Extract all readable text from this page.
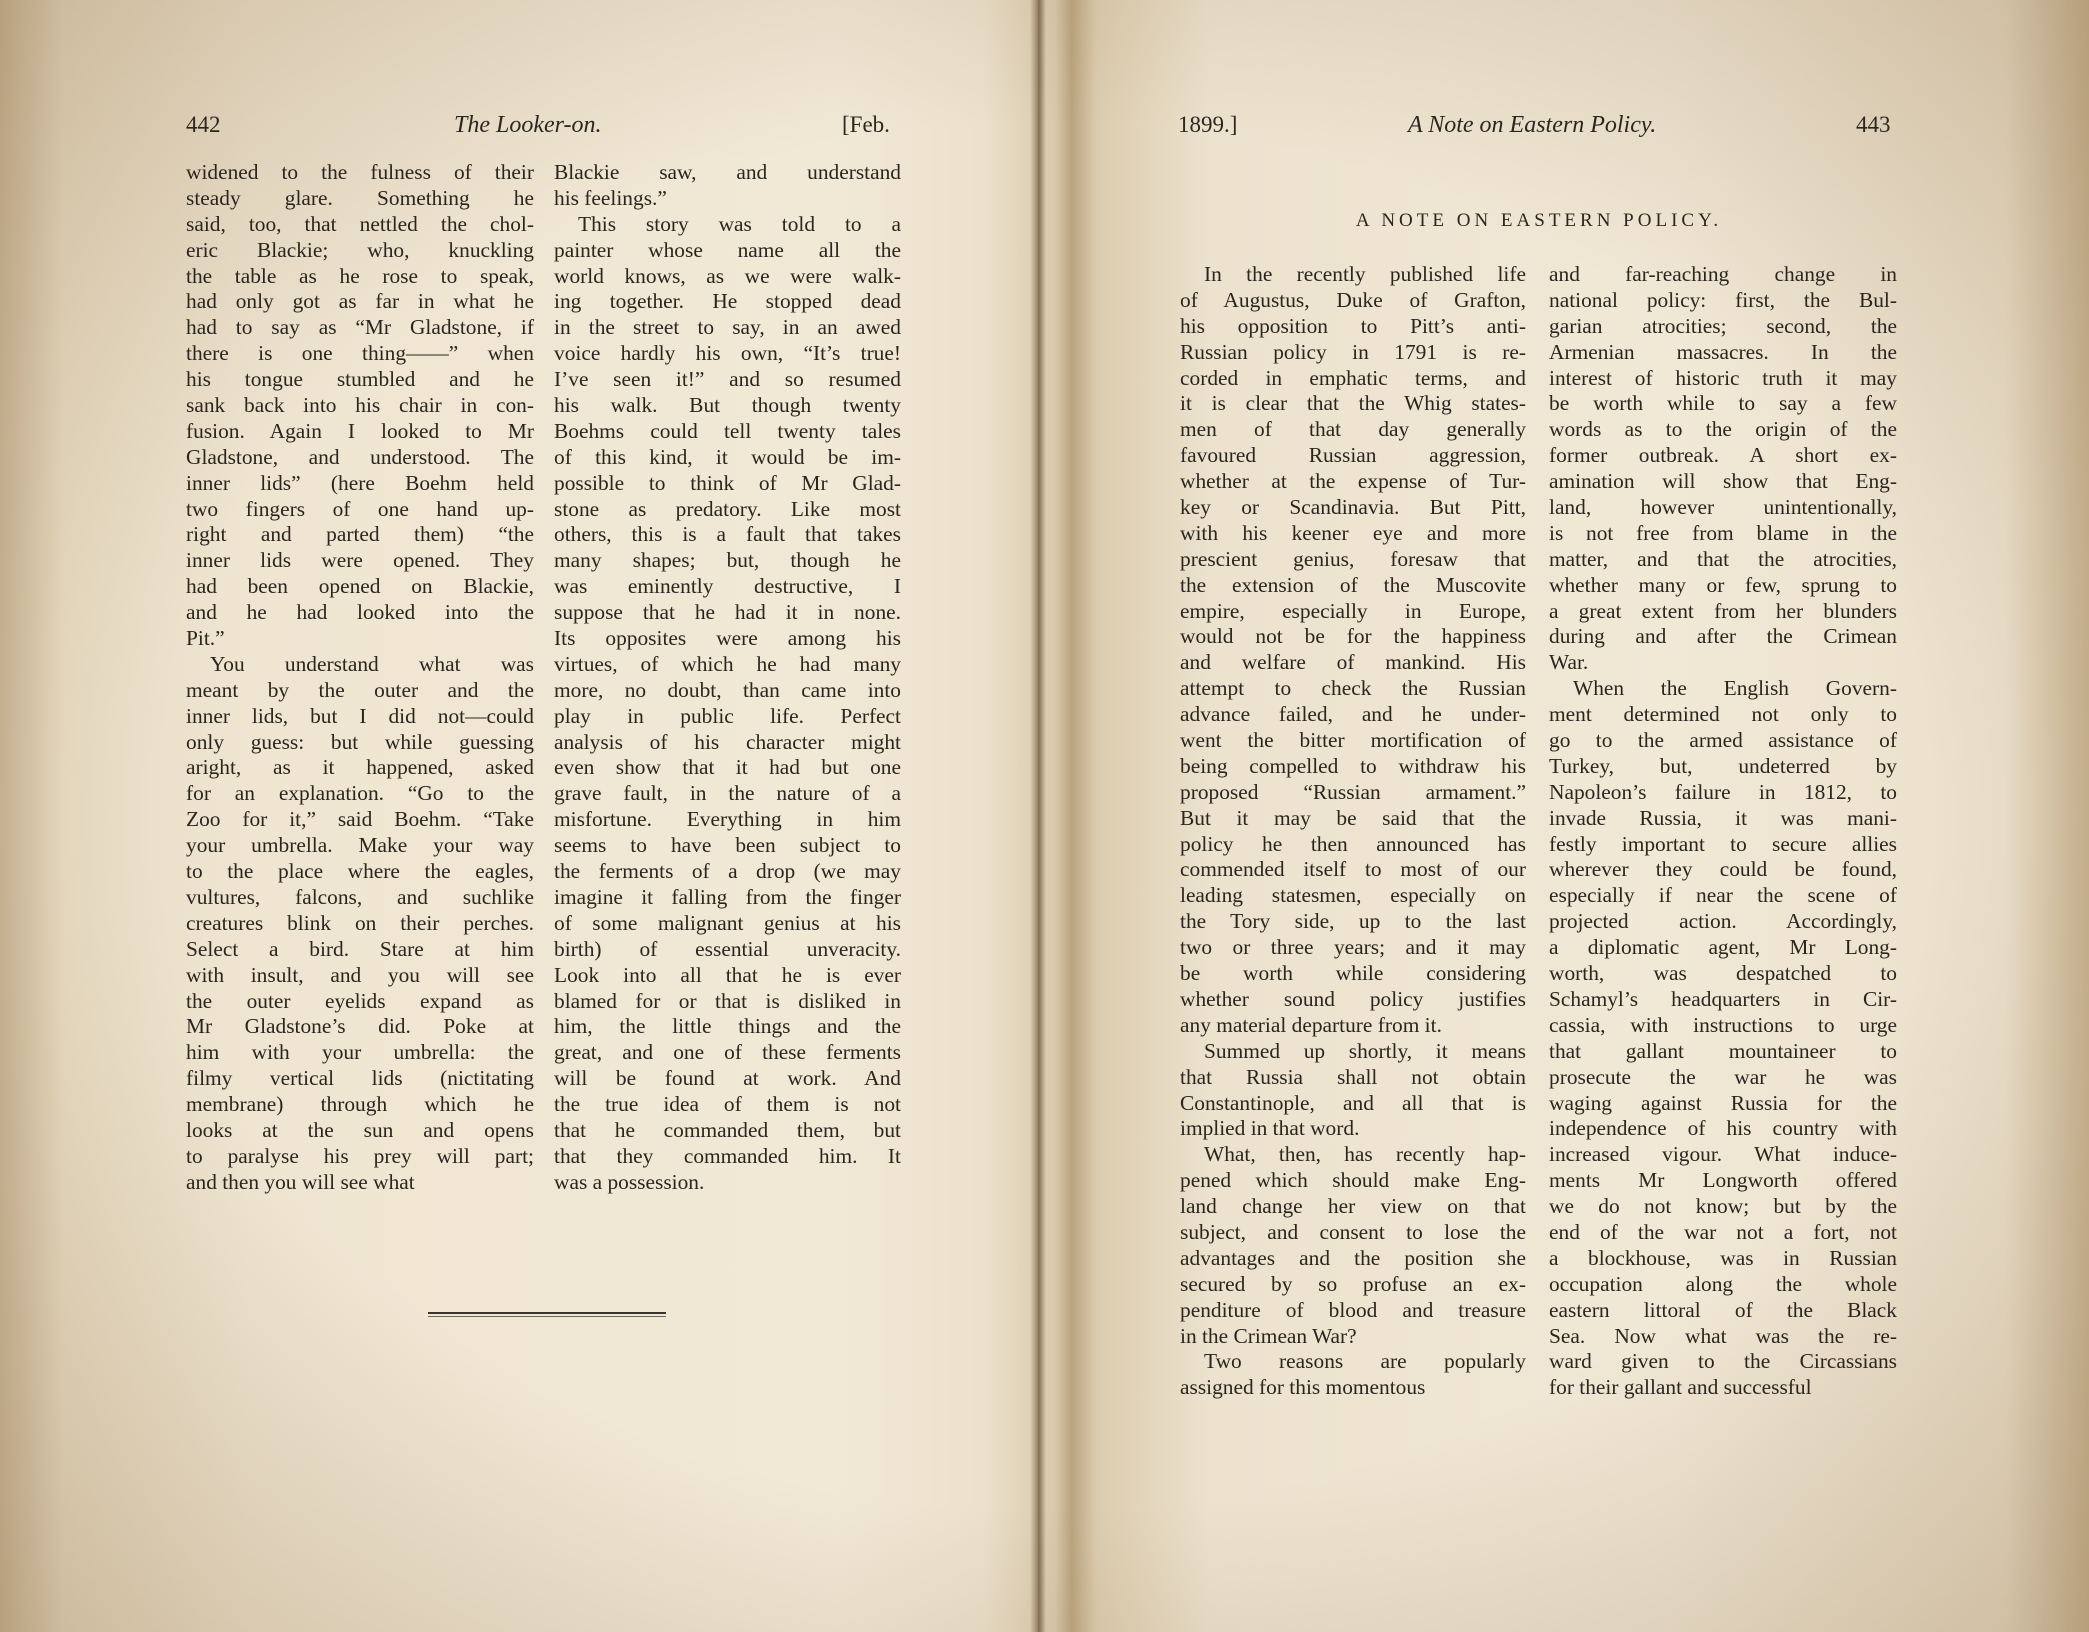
442	The Looker-on.	[Feb.
widened to the fulness of their
steady glare. Something he
said, too, that nettled the chol-
eric Blackie; who, knuckling
the table as he rose to speak,
had only got as far in what he
had to say as “Mr Gladstone, if
there is one thing——” when
his tongue stumbled and he
sank back into his chair in con-
fusion. Again I looked to Mr
Gladstone, and understood. The
inner lids” (here Boehm held
two fingers of one hand up-
right and parted them) “the
inner lids were opened. They
had been opened on Blackie,
and he had looked into the
Pit.”
You understand what was
meant by the outer and the
inner lids, but I did not—could
only guess: but while guessing
aright, as it happened, asked
for an explanation. “Go to the
Zoo for it,” said Boehm. “Take
your umbrella. Make your way
to the place where the eagles,
vultures, falcons, and suchlike
creatures blink on their perches.
Select a bird. Stare at him
with insult, and you will see
the outer eyelids expand as
Mr Gladstone’s did. Poke at
him with your umbrella: the
filmy vertical lids (nictitating
membrane) through which he
looks at the sun and opens
to paralyse his prey will part;
and then you will see what
Blackie saw, and understand
his feelings.”
This story was told to a
painter whose name all the
world knows, as we were walk-
ing together. He stopped dead
in the street to say, in an awed
voice hardly his own, “It’s true!
I’ve seen it!” and so resumed
his walk. But though twenty
Boehms could tell twenty tales
of this kind, it would be im-
possible to think of Mr Glad-
stone as predatory. Like most
others, this is a fault that takes
many shapes; but, though he
was eminently destructive, I
suppose that he had it in none.
Its opposites were among his
virtues, of which he had many
more, no doubt, than came into
play in public life. Perfect
analysis of his character might
even show that it had but one
grave fault, in the nature of a
misfortune. Everything in him
seems to have been subject to
the ferments of a drop (we may
imagine it falling from the finger
of some malignant genius at his
birth) of essential unveracity.
Look into all that he is ever
blamed for or that is disliked in
him, the little things and the
great, and one of these ferments
will be found at work. And
the true idea of them is not
that he commanded them, but
that they commanded him. It
was a possession.
1899.]	A Note on Eastern Policy.	443
A NOTE ON EASTERN POLICY.
In the recently published life
of Augustus, Duke of Grafton,
his opposition to Pitt’s anti-
Russian policy in 1791 is re-
corded in emphatic terms, and
it is clear that the Whig states-
men of that day generally
favoured Russian aggression,
whether at the expense of Tur-
key or Scandinavia. But Pitt,
with his keener eye and more
prescient genius, foresaw that
the extension of the Muscovite
empire, especially in Europe,
would not be for the happiness
and welfare of mankind. His
attempt to check the Russian
advance failed, and he under-
went the bitter mortification of
being compelled to withdraw his
proposed “Russian armament.”
But it may be said that the
policy he then announced has
commended itself to most of our
leading statesmen, especially on
the Tory side, up to the last
two or three years; and it may
be worth while considering
whether sound policy justifies
any material departure from it.
Summed up shortly, it means
that Russia shall not obtain
Constantinople, and all that is
implied in that word.
What, then, has recently hap-
pened which should make Eng-
land change her view on that
subject, and consent to lose the
advantages and the position she
secured by so profuse an ex-
penditure of blood and treasure
in the Crimean War?
Two reasons are popularly
assigned for this momentous
and far-reaching change in
national policy: first, the Bul-
garian atrocities; second, the
Armenian massacres. In the
interest of historic truth it may
be worth while to say a few
words as to the origin of the
former outbreak. A short ex-
amination will show that Eng-
land, however unintentionally,
is not free from blame in the
matter, and that the atrocities,
whether many or few, sprung to
a great extent from her blunders
during and after the Crimean
War.
When the English Govern-
ment determined not only to
go to the armed assistance of
Turkey, but, undeterred by
Napoleon’s failure in 1812, to
invade Russia, it was mani-
festly important to secure allies
wherever they could be found,
especially if near the scene of
projected action. Accordingly,
a diplomatic agent, Mr Long-
worth, was despatched to
Schamyl’s headquarters in Cir-
cassia, with instructions to urge
that gallant mountaineer to
prosecute the war he was
waging against Russia for the
independence of his country with
increased vigour. What induce-
ments Mr Longworth offered
we do not know; but by the
end of the war not a fort, not
a blockhouse, was in Russian
occupation along the whole
eastern littoral of the Black
Sea. Now what was the re-
ward given to the Circassians
for their gallant and successful
